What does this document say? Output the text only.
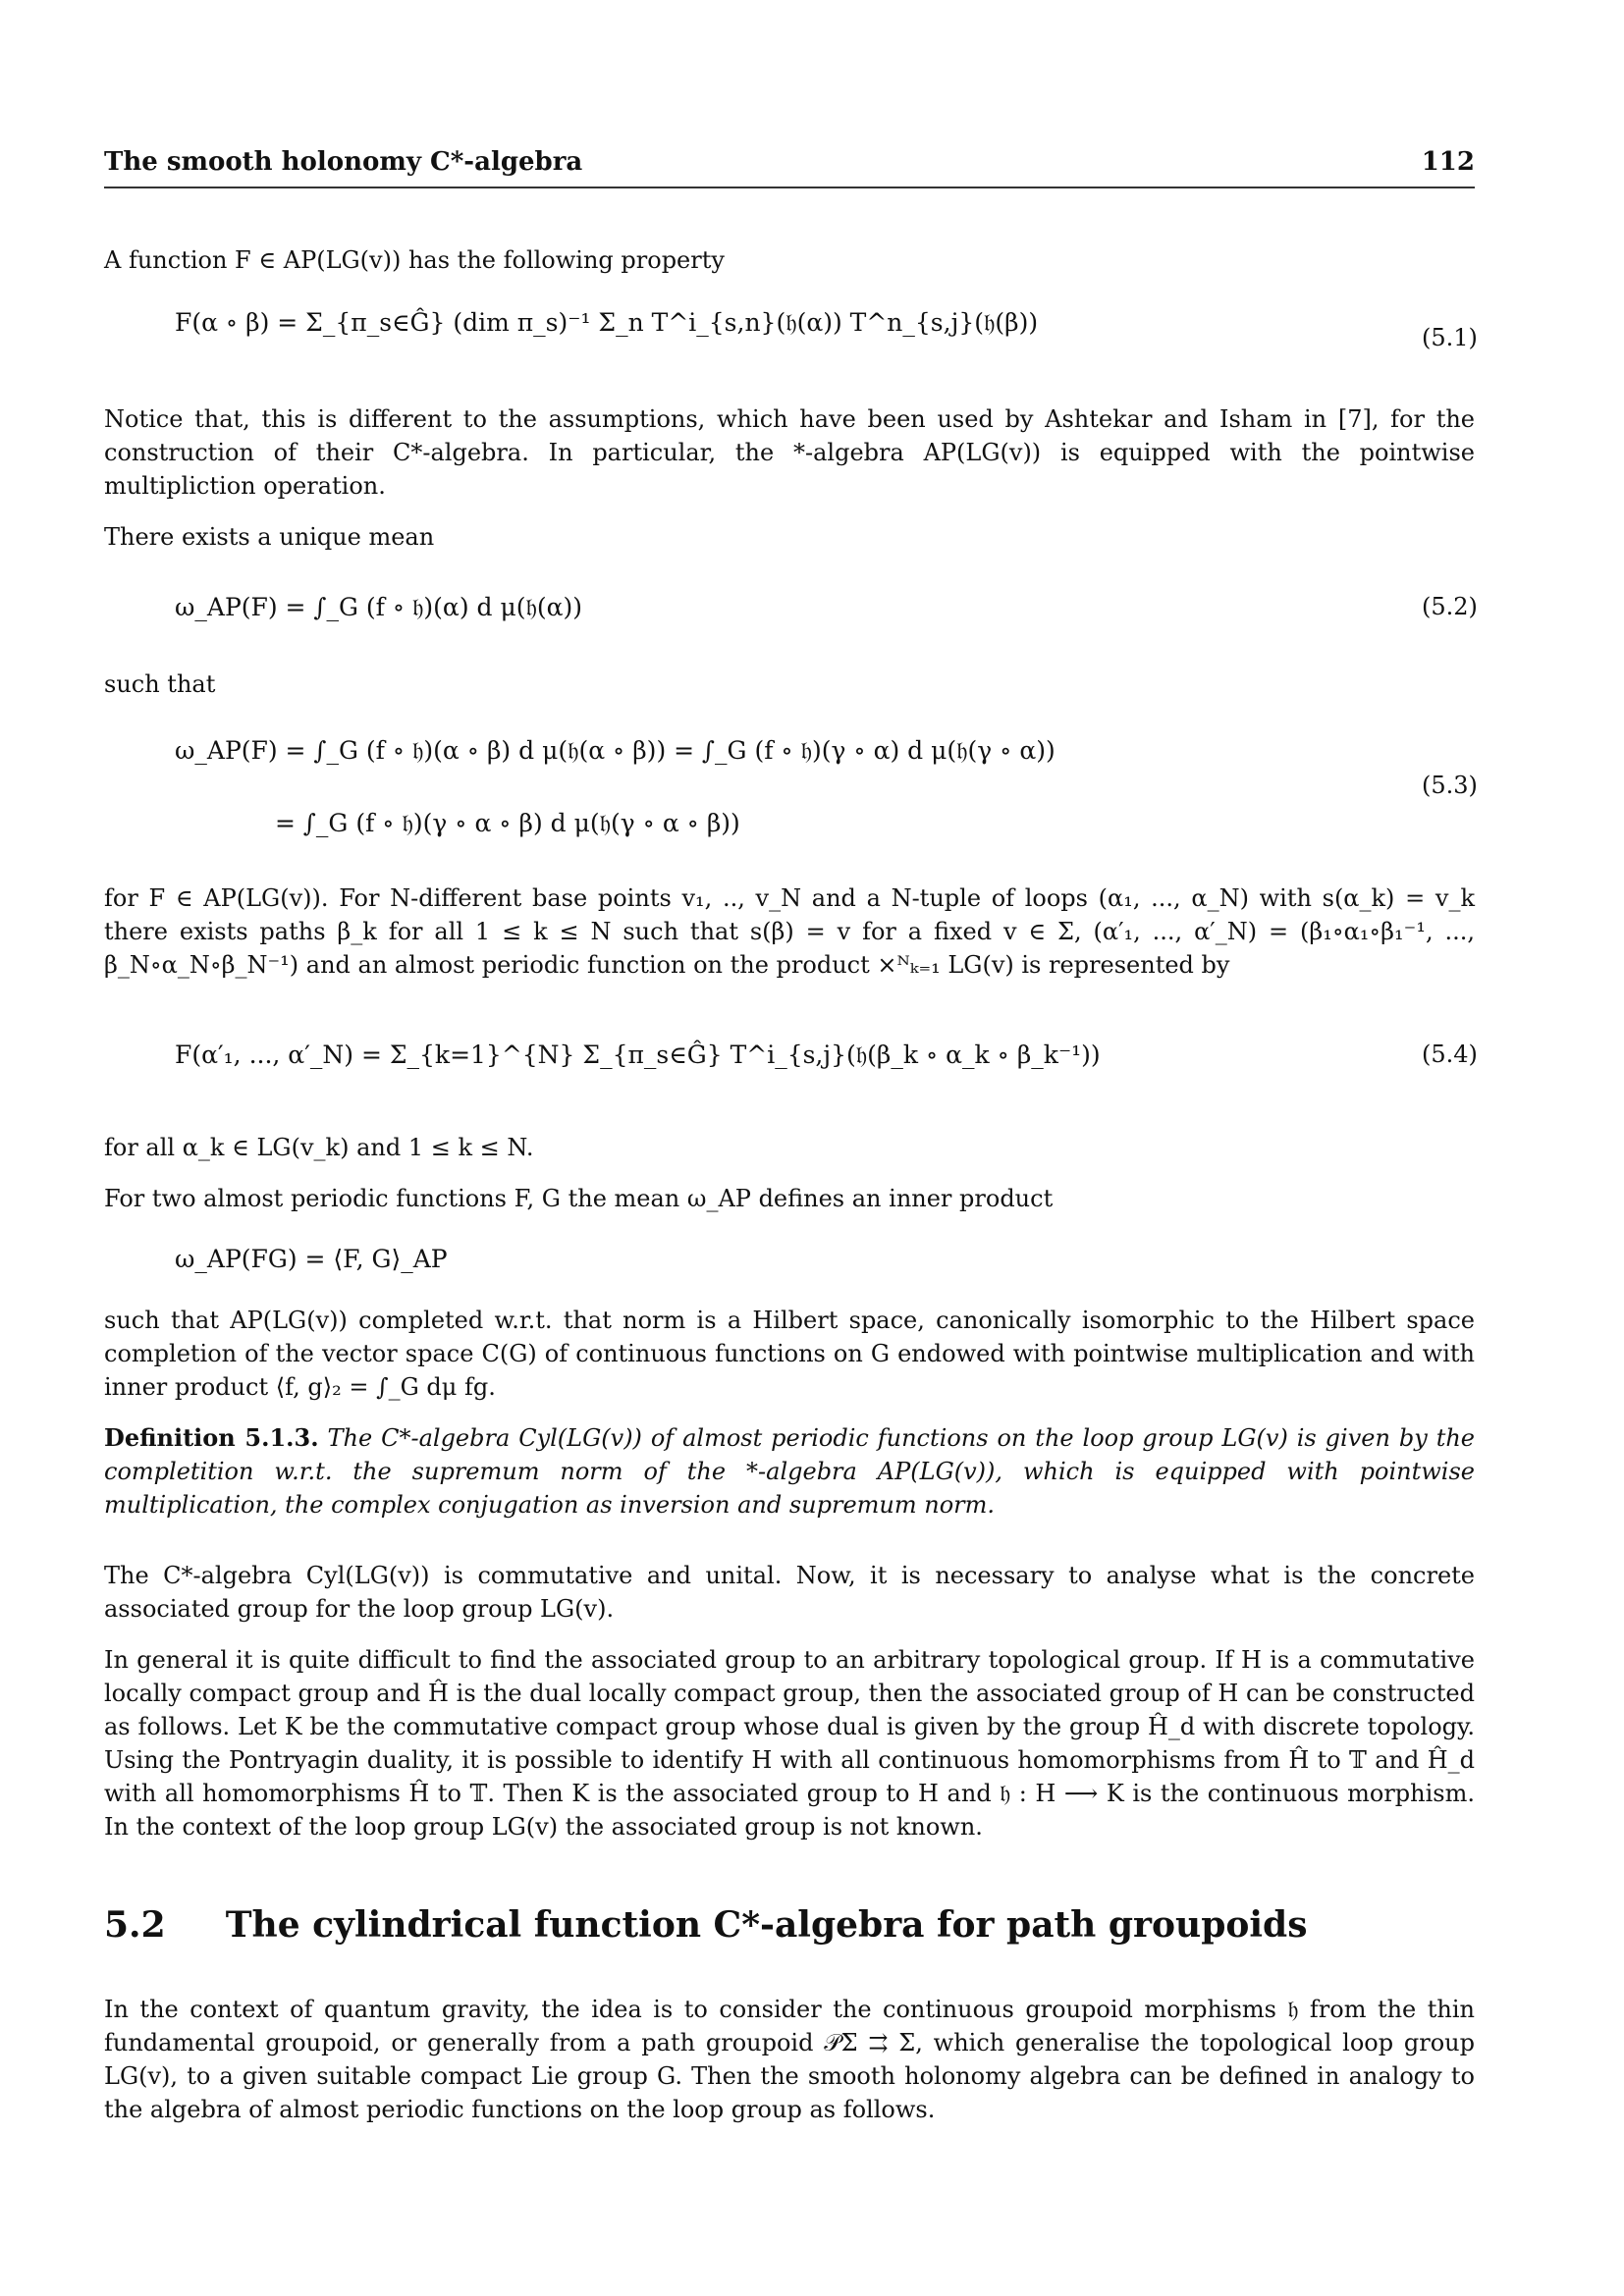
The smooth holonomy C*-algebra	112
A function F ∈ AP(LG(v)) has the following property
F(α ∘ β) = Σ_{π_s∈Ĝ} (dim π_s)⁻¹ Σ_n T^i_{s,n}(𝔥(α)) T^n_{s,j}(𝔥(β))
(5.1)
Notice that, this is different to the assumptions, which have been used by Ashtekar and Isham in [7], for the construction of their C*-algebra. In particular, the *-algebra AP(LG(v)) is equipped with the pointwise multipliction operation.
There exists a unique mean
ω_AP(F) = ∫_G (f ∘ 𝔥)(α) d μ(𝔥(α))	(5.2)
such that
ω_AP(F) = ∫_G (f ∘ 𝔥)(α ∘ β) d μ(𝔥(α ∘ β)) = ∫_G (f ∘ 𝔥)(γ ∘ α) d μ(𝔥(γ ∘ α))
= ∫_G (f ∘ 𝔥)(γ ∘ α ∘ β) d μ(𝔥(γ ∘ α ∘ β))
(5.3)
for F ∈ AP(LG(v)). For N-different base points v₁, .., v_N and a N-tuple of loops (α₁, ..., α_N) with s(α_k) = v_k there exists paths β_k for all 1 ≤ k ≤ N such that s(β) = v for a fixed v ∈ Σ, (α′₁, ..., α′_N) = (β₁∘α₁∘β₁⁻¹, ..., β_N∘α_N∘β_N⁻¹) and an almost periodic function on the product ×ᴺₖ₌₁ LG(v) is represented by
F(α′₁, ..., α′_N) = Σ_{k=1}^{N} Σ_{π_s∈Ĝ} T^i_{s,j}(𝔥(β_k ∘ α_k ∘ β_k⁻¹))	(5.4)
for all α_k ∈ LG(v_k) and 1 ≤ k ≤ N.
For two almost periodic functions F, G the mean ω_AP defines an inner product
ω_AP(FG) = ⟨F, G⟩_AP
such that AP(LG(v)) completed w.r.t. that norm is a Hilbert space, canonically isomorphic to the Hilbert space completion of the vector space C(G) of continuous functions on G endowed with pointwise multiplication and with inner product ⟨f, g⟩₂ = ∫_G dμ fg.
Definition 5.1.3. The C*-algebra Cyl(LG(v)) of almost periodic functions on the loop group LG(v) is given by the completition w.r.t. the supremum norm of the *-algebra AP(LG(v)), which is equipped with pointwise multiplication, the complex conjugation as inversion and supremum norm.
The C*-algebra Cyl(LG(v)) is commutative and unital. Now, it is necessary to analyse what is the concrete associated group for the loop group LG(v).
In general it is quite difficult to find the associated group to an arbitrary topological group. If H is a commutative locally compact group and Ĥ is the dual locally compact group, then the associated group of H can be constructed as follows. Let K be the commutative compact group whose dual is given by the group Ĥ_d with discrete topology. Using the Pontryagin duality, it is possible to identify H with all continuous homomorphisms from Ĥ to 𝕋 and Ĥ_d with all homomorphisms Ĥ to 𝕋. Then K is the associated group to H and 𝔥 : H ⟶ K is the continuous morphism. In the context of the loop group LG(v) the associated group is not known.
5.2 The cylindrical function C*-algebra for path groupoids
In the context of quantum gravity, the idea is to consider the continuous groupoid morphisms 𝔥 from the thin fundamental groupoid, or generally from a path groupoid 𝒫Σ ⇉ Σ, which generalise the topological loop group LG(v), to a given suitable compact Lie group G. Then the smooth holonomy algebra can be defined in analogy to the algebra of almost periodic functions on the loop group as follows.
